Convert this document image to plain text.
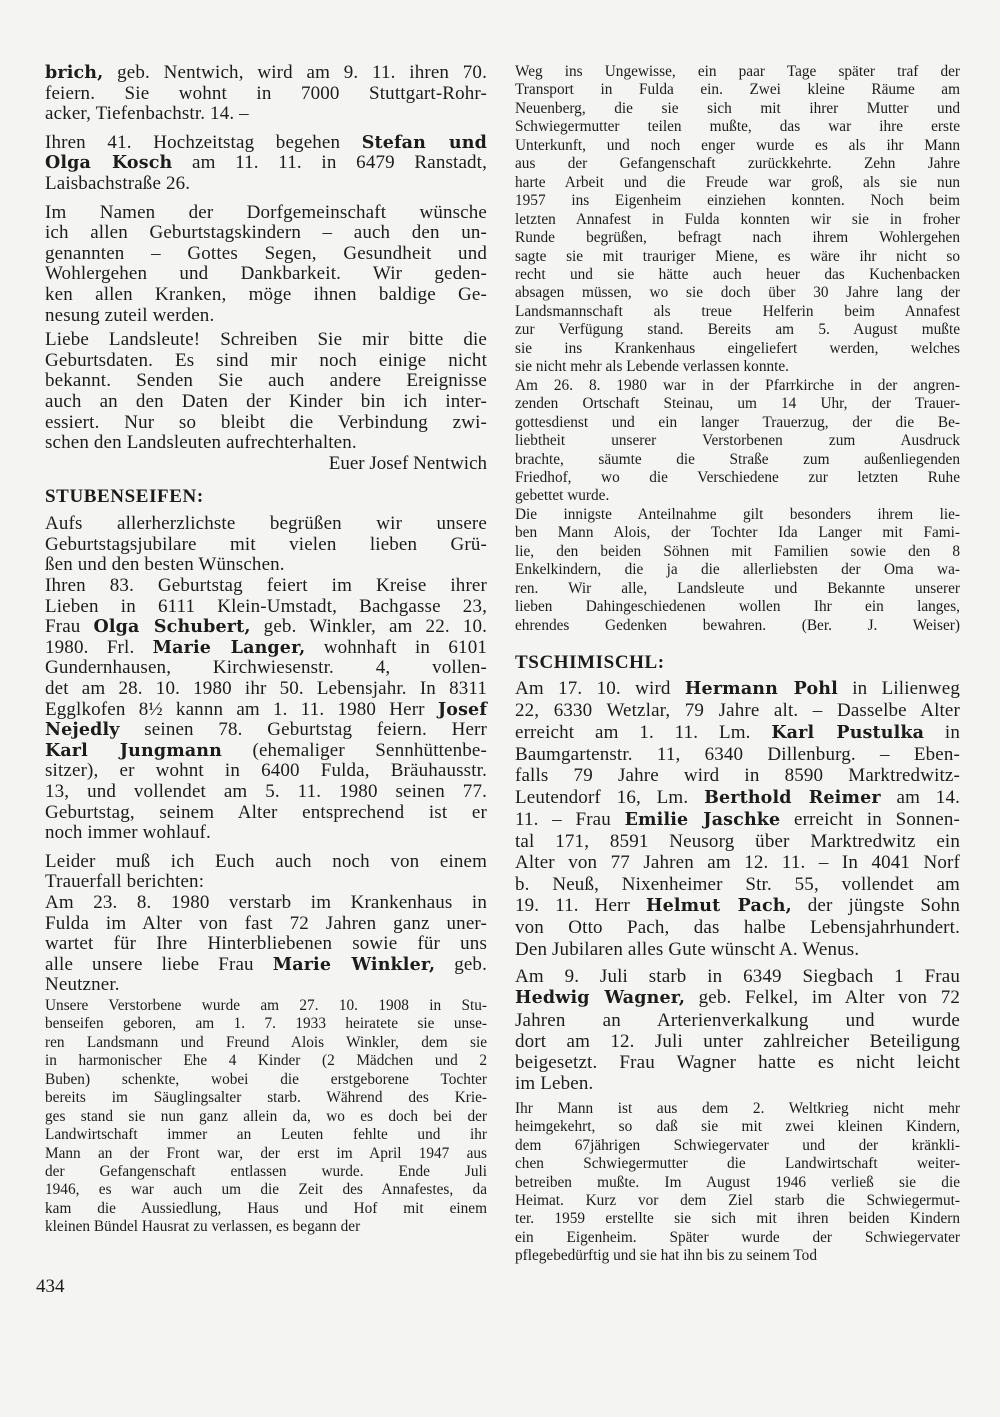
brich, geb. Nentwich, wird am 9. 11. ihren 70.
feiern. Sie wohnt in 7000 Stuttgart-Rohr-
acker, Tiefenbachstr. 14. –
Ihren 41. Hochzeitstag begehen Stefan und
Olga Kosch am 11. 11. in 6479 Ranstadt,
Laisbachstraße 26.
Im Namen der Dorfgemeinschaft wünsche
ich allen Geburtstagskindern – auch den un-
genannten – Gottes Segen, Gesundheit und
Wohlergehen und Dankbarkeit. Wir geden-
ken allen Kranken, möge ihnen baldige Ge-
nesung zuteil werden.
Liebe Landsleute! Schreiben Sie mir bitte die
Geburtsdaten. Es sind mir noch einige nicht
bekannt. Senden Sie auch andere Ereignisse
auch an den Daten der Kinder bin ich inter-
essiert. Nur so bleibt die Verbindung zwi-
schen den Landsleuten aufrechterhalten.
Euer Josef Nentwich
STUBENSEIFEN:
Aufs allerherzlichste begrüßen wir unsere
Geburtstagsjubilare mit vielen lieben Grü-
ßen und den besten Wünschen.
Ihren 83. Geburtstag feiert im Kreise ihrer
Lieben in 6111 Klein-Umstadt, Bachgasse 23,
Frau Olga Schubert, geb. Winkler, am 22. 10.
1980. Frl. Marie Langer, wohnhaft in 6101
Gundernhausen, Kirchwiesenstr. 4, vollen-
det am 28. 10. 1980 ihr 50. Lebensjahr. In 8311
Egglkofen 8½ kannn am 1. 11. 1980 Herr Josef
Nejedly seinen 78. Geburtstag feiern. Herr
Karl Jungmann (ehemaliger Sennhüttenbe-
sitzer), er wohnt in 6400 Fulda, Bräuhausstr.
13, und vollendet am 5. 11. 1980 seinen 77.
Geburtstag, seinem Alter entsprechend ist er
noch immer wohlauf.
Leider muß ich Euch auch noch von einem
Trauerfall berichten:
Am 23. 8. 1980 verstarb im Krankenhaus in
Fulda im Alter von fast 72 Jahren ganz uner-
wartet für Ihre Hinterbliebenen sowie für uns
alle unsere liebe Frau Marie Winkler, geb.
Neutzner.
Unsere Verstorbene wurde am 27. 10. 1908 in Stu-
benseifen geboren, am 1. 7. 1933 heiratete sie unse-
ren Landsmann und Freund Alois Winkler, dem sie
in harmonischer Ehe 4 Kinder (2 Mädchen und 2
Buben) schenkte, wobei die erstgeborene Tochter
bereits im Säuglingsalter starb. Während des Krie-
ges stand sie nun ganz allein da, wo es doch bei der
Landwirtschaft immer an Leuten fehlte und ihr
Mann an der Front war, der erst im April 1947 aus
der Gefangenschaft entlassen wurde. Ende Juli
1946, es war auch um die Zeit des Annafestes, da
kam die Aussiedlung, Haus und Hof mit einem
kleinen Bündel Hausrat zu verlassen, es begann der
Weg ins Ungewisse, ein paar Tage später traf der
Transport in Fulda ein. Zwei kleine Räume am
Neuenberg, die sie sich mit ihrer Mutter und
Schwiegermutter teilen mußte, das war ihre erste
Unterkunft, und noch enger wurde es als ihr Mann
aus der Gefangenschaft zurückkehrte. Zehn Jahre
harte Arbeit und die Freude war groß, als sie nun
1957 ins Eigenheim einziehen konnten. Noch beim
letzten Annafest in Fulda konnten wir sie in froher
Runde begrüßen, befragt nach ihrem Wohlergehen
sagte sie mit trauriger Miene, es wäre ihr nicht so
recht und sie hätte auch heuer das Kuchenbacken
absagen müssen, wo sie doch über 30 Jahre lang der
Landsmannschaft als treue Helferin beim Annafest
zur Verfügung stand. Bereits am 5. August mußte
sie ins Krankenhaus eingeliefert werden, welches
sie nicht mehr als Lebende verlassen konnte.
Am 26. 8. 1980 war in der Pfarrkirche in der angren-
zenden Ortschaft Steinau, um 14 Uhr, der Trauer-
gottesdienst und ein langer Trauerzug, der die Be-
liebtheit unserer Verstorbenen zum Ausdruck
brachte, säumte die Straße zum außenliegenden
Friedhof, wo die Verschiedene zur letzten Ruhe
gebettet wurde.
Die innigste Anteilnahme gilt besonders ihrem lie-
ben Mann Alois, der Tochter Ida Langer mit Fami-
lie, den beiden Söhnen mit Familien sowie den 8
Enkelkindern, die ja die allerliebsten der Oma wa-
ren. Wir alle, Landsleute und Bekannte unserer
lieben Dahingeschiedenen wollen Ihr ein langes,
ehrendes Gedenken bewahren. (Ber. J. Weiser)
TSCHIMISCHL:
Am 17. 10. wird Hermann Pohl in Lilienweg
22, 6330 Wetzlar, 79 Jahre alt. – Dasselbe Alter
erreicht am 1. 11. Lm. Karl Pustulka in
Baumgartenstr. 11, 6340 Dillenburg. – Eben-
falls 79 Jahre wird in 8590 Marktredwitz-
Leutendorf 16, Lm. Berthold Reimer am 14.
11. – Frau Emilie Jaschke erreicht in Sonnen-
tal 171, 8591 Neusorg über Marktredwitz ein
Alter von 77 Jahren am 12. 11. – In 4041 Norf
b. Neuß, Nixenheimer Str. 55, vollendet am
19. 11. Herr Helmut Pach, der jüngste Sohn
von Otto Pach, das halbe Lebensjahrhundert.
Den Jubilaren alles Gute wünscht A. Wenus.
Am 9. Juli starb in 6349 Siegbach 1 Frau
Hedwig Wagner, geb. Felkel, im Alter von 72
Jahren an Arterienverkalkung und wurde
dort am 12. Juli unter zahlreicher Beteiligung
beigesetzt. Frau Wagner hatte es nicht leicht
im Leben.
Ihr Mann ist aus dem 2. Weltkrieg nicht mehr
heimgekehrt, so daß sie mit zwei kleinen Kindern,
dem 67jährigen Schwiegervater und der kränkli-
chen Schwiegermutter die Landwirtschaft weiter-
betreiben mußte. Im August 1946 verließ sie die
Heimat. Kurz vor dem Ziel starb die Schwiegermut-
ter. 1959 erstellte sie sich mit ihren beiden Kindern
ein Eigenheim. Später wurde der Schwiegervater
pflegebedürftig und sie hat ihn bis zu seinem Tod
434
